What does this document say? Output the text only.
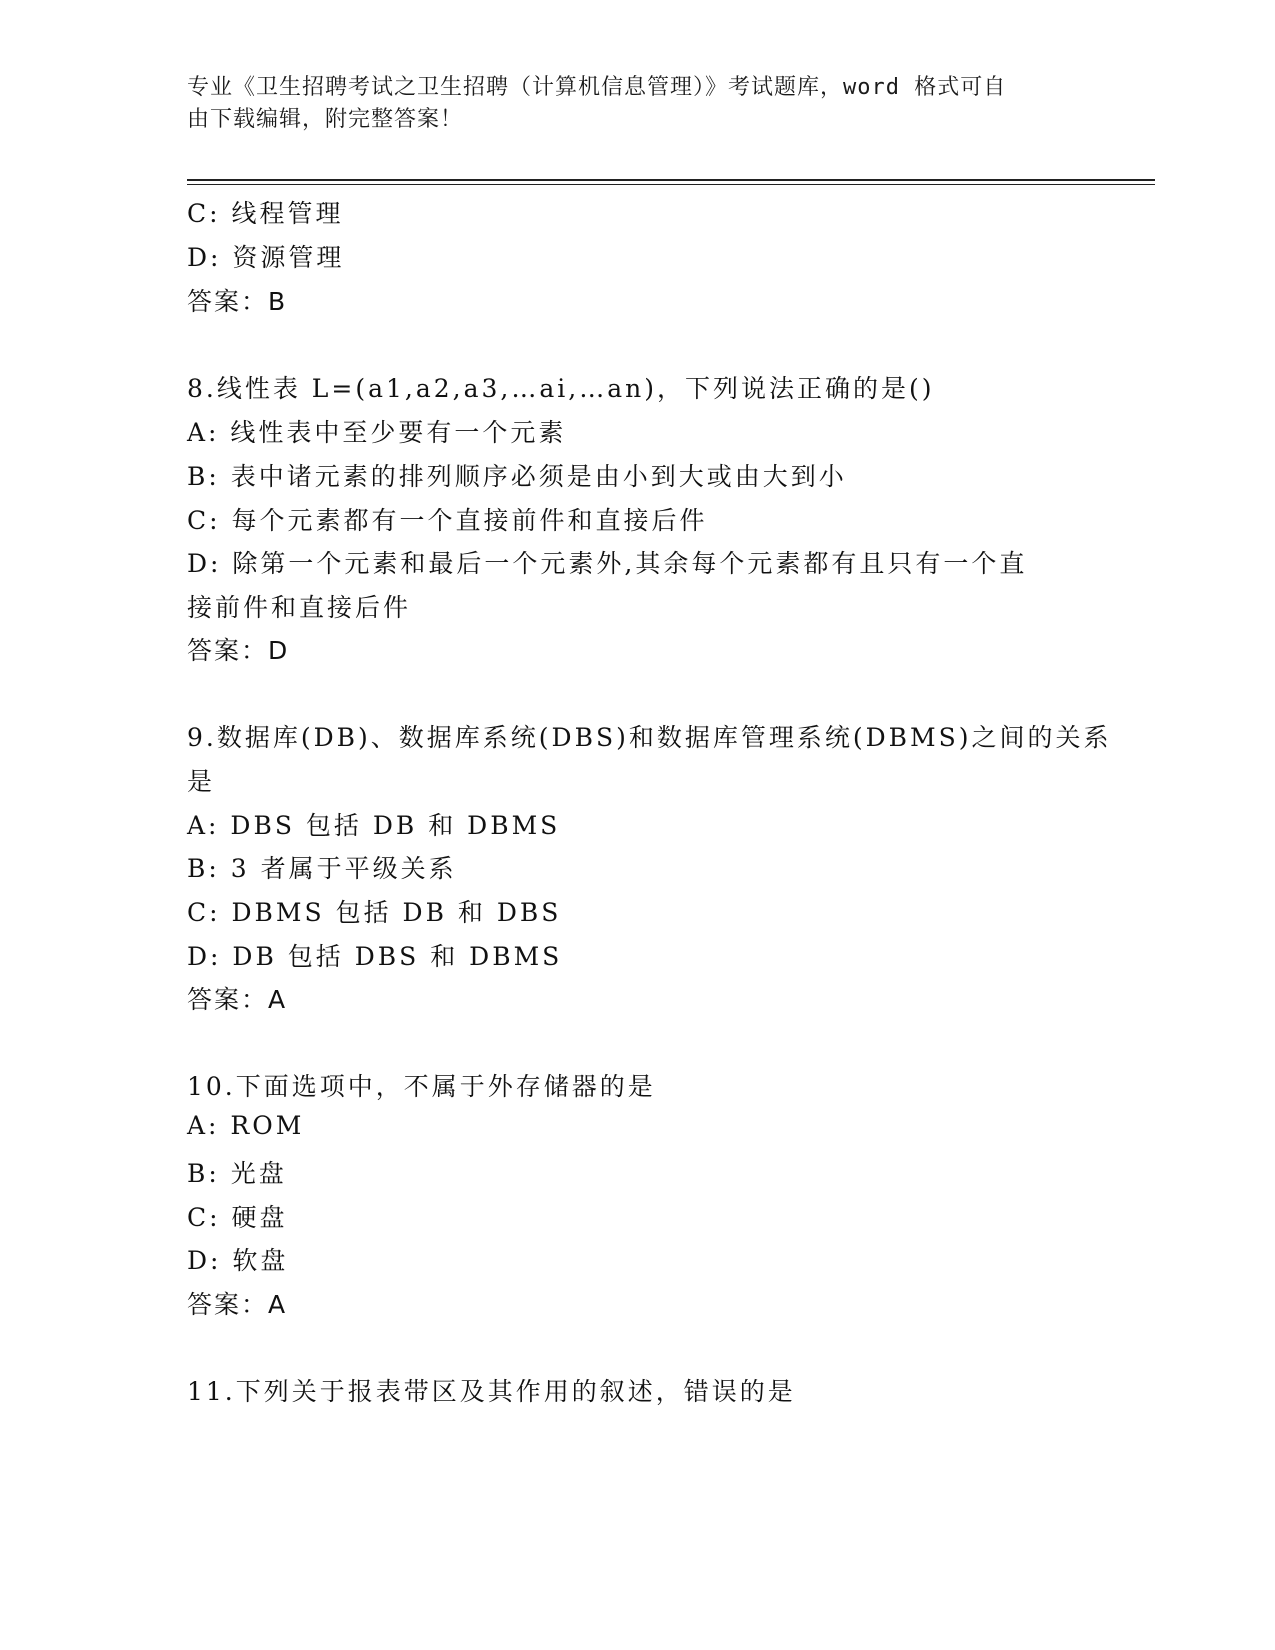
专业《卫生招聘考试之卫生招聘（计算机信息管理）》考试题库，word 格式可自
由下载编辑，附完整答案！
C: 线程管理
D: 资源管理
答案：B
8.线性表 L=(a1,a2,a3,…ai,…an)，下列说法正确的是()
A: 线性表中至少要有一个元素
B: 表中诸元素的排列顺序必须是由小到大或由大到小
C: 每个元素都有一个直接前件和直接后件
D: 除第一个元素和最后一个元素外,其余每个元素都有且只有一个直
接前件和直接后件
答案：D
9.数据库(DB)、数据库系统(DBS)和数据库管理系统(DBMS)之间的关系
是
A: DBS 包括 DB 和 DBMS
B: 3 者属于平级关系
C: DBMS 包括 DB 和 DBS
D: DB 包括 DBS 和 DBMS
答案：A
10.下面选项中，不属于外存储器的是
A: ROM
B: 光盘
C: 硬盘
D: 软盘
答案：A
11.下列关于报表带区及其作用的叙述，错误的是
